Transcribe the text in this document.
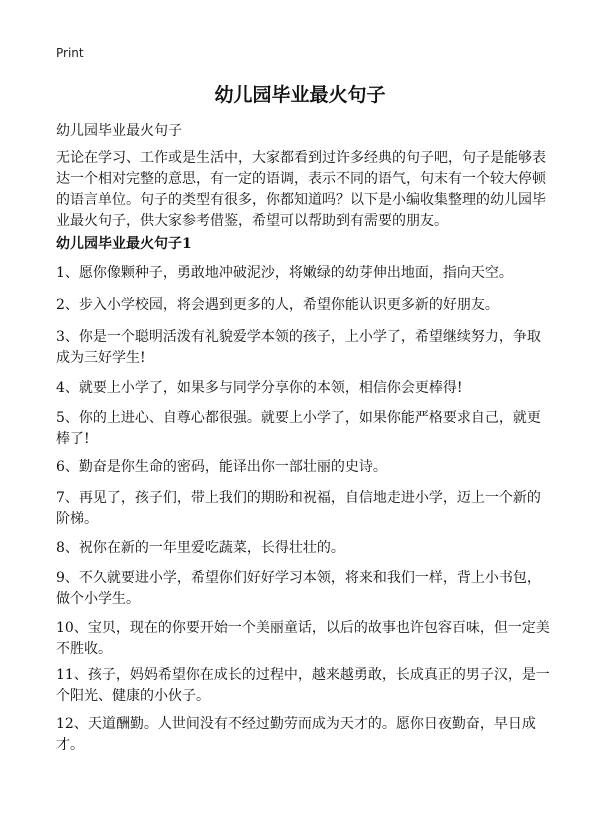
Print
幼儿园毕业最火句子

幼儿园毕业最火句子

无论在学习、工作或是生活中，大家都看到过许多经典的句子吧，句子是能够表达一个相对完整的意思，有一定的语调，表示不同的语气，句末有一个较大停顿的语言单位。句子的类型有很多，你都知道吗？以下是小编收集整理的幼儿园毕业最火句子，供大家参考借鉴，希望可以帮助到有需要的朋友。

幼儿园毕业最火句子1

1、愿你像颗种子，勇敢地冲破泥沙，将嫩绿的幼芽伸出地面，指向天空。

2、步入小学校园，将会遇到更多的人，希望你能认识更多新的好朋友。

3、你是一个聪明活泼有礼貌爱学本领的孩子，上小学了，希望继续努力，争取成为三好学生!

4、就要上小学了，如果多与同学分享你的本领，相信你会更棒得!

5、你的上进心、自尊心都很强。就要上小学了，如果你能严格要求自己，就更棒了!

6、勤奋是你生命的密码，能译出你一部壮丽的史诗。

7、再见了，孩子们，带上我们的期盼和祝福，自信地走进小学，迈上一个新的阶梯。

8、祝你在新的一年里爱吃蔬菜，长得壮壮的。

9、不久就要进小学，希望你们好好学习本领，将来和我们一样，背上小书包，做个小学生。

10、宝贝，现在的你要开始一个美丽童话，以后的故事也许包容百味，但一定美不胜收。

11、孩子，妈妈希望你在成长的过程中，越来越勇敢，长成真正的男子汉，是一个阳光、健康的小伙子。

12、天道酬勤。人世间没有不经过勤劳而成为天才的。愿你日夜勤奋，早日成才。
